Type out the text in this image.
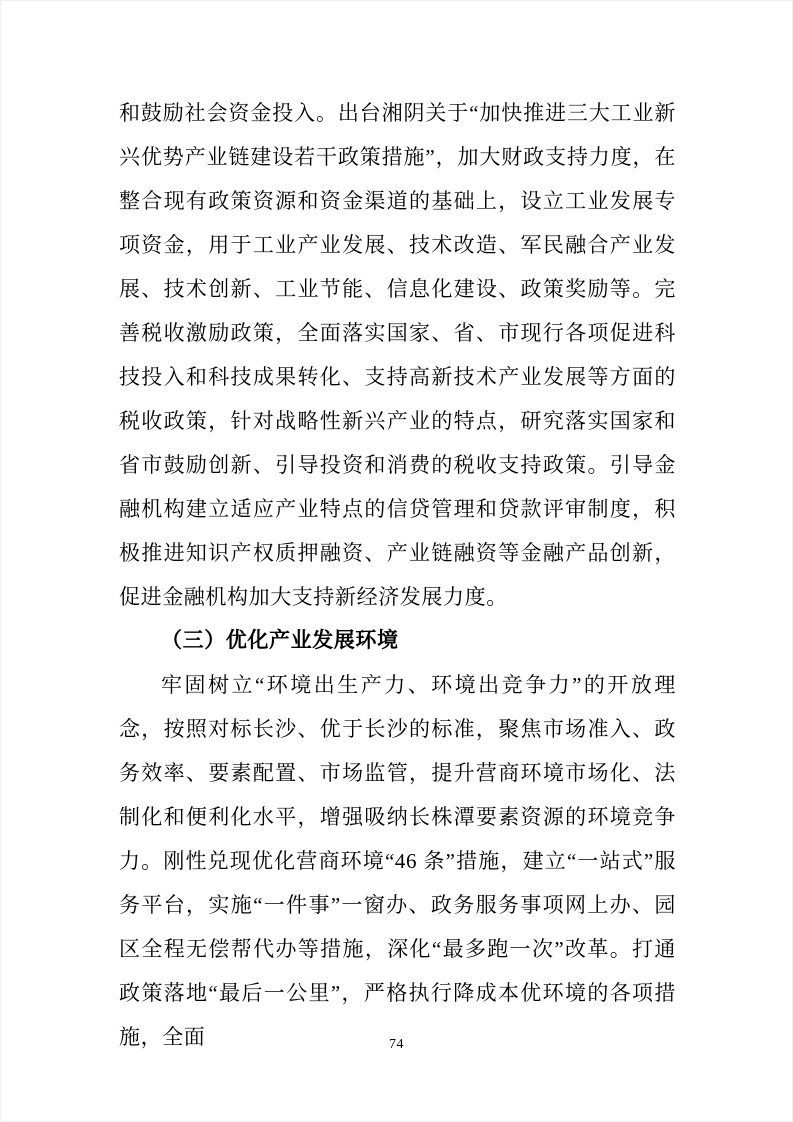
和鼓励社会资金投入。出台湘阴关于“加快推进三大工业新兴优势产业链建设若干政策措施”，加大财政支持力度，在整合现有政策资源和资金渠道的基础上，设立工业发展专项资金，用于工业产业发展、技术改造、军民融合产业发展、技术创新、工业节能、信息化建设、政策奖励等。完善税收激励政策，全面落实国家、省、市现行各项促进科技投入和科技成果转化、支持高新技术产业发展等方面的税收政策，针对战略性新兴产业的特点，研究落实国家和省市鼓励创新、引导投资和消费的税收支持政策。引导金融机构建立适应产业特点的信贷管理和贷款评审制度，积极推进知识产权质押融资、产业链融资等金融产品创新，促进金融机构加大支持新经济发展力度。

（三）优化产业发展环境

牢固树立“环境出生产力、环境出竞争力”的开放理念，按照对标长沙、优于长沙的标准，聚焦市场准入、政务效率、要素配置、市场监管，提升营商环境市场化、法制化和便利化水平，增强吸纳长株潭要素资源的环境竞争力。刚性兑现优化营商环境“46 条”措施，建立“一站式”服务平台，实施“一件事”一窗办、政务服务事项网上办、园区全程无偿帮代办等措施，深化“最多跑一次”改革。打通政策落地“最后一公里”，严格执行降成本优环境的各项措施，全面	74
